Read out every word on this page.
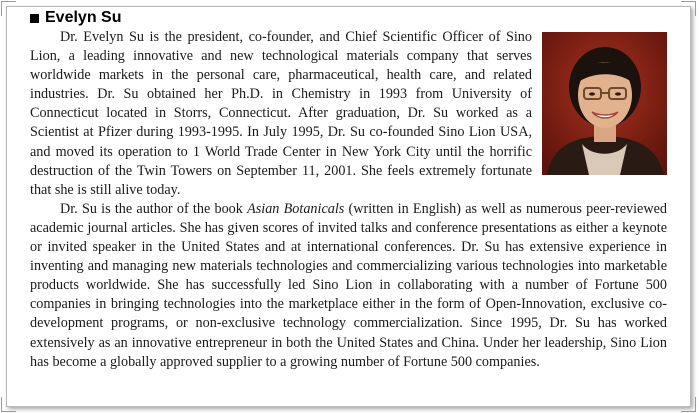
Evelyn Su

Dr. Evelyn Su is the president, co-founder, and Chief Scientific Officer of Sino Lion, a leading innovative and new technological materials company that serves worldwide markets in the personal care, pharmaceutical, health care, and related industries. Dr. Su obtained her Ph.D. in Chemistry in 1993 from University of Connecticut located in Storrs, Connecticut. After graduation, Dr. Su worked as a Scientist at Pfizer during 1993-1995. In July 1995, Dr. Su co-founded Sino Lion USA, and moved its operation to 1 World Trade Center in New York City until the horrific destruction of the Twin Towers on September 11, 2001. She feels extremely fortunate that she is still alive today.

Dr. Su is the author of the book Asian Botanicals (written in English) as well as numerous peer-reviewed academic journal articles. She has given scores of invited talks and conference presentations as either a keynote or invited speaker in the United States and at international conferences. Dr. Su has extensive experience in inventing and managing new materials technologies and commercializing various technologies into marketable products worldwide. She has successfully led Sino Lion in collaborating with a number of Fortune 500 companies in bringing technologies into the marketplace either in the form of Open-Innovation, exclusive co-development programs, or non-exclusive technology commercialization. Since 1995, Dr. Su has worked extensively as an innovative entrepreneur in both the United States and China. Under her leadership, Sino Lion has become a globally approved supplier to a growing number of Fortune 500 companies.
